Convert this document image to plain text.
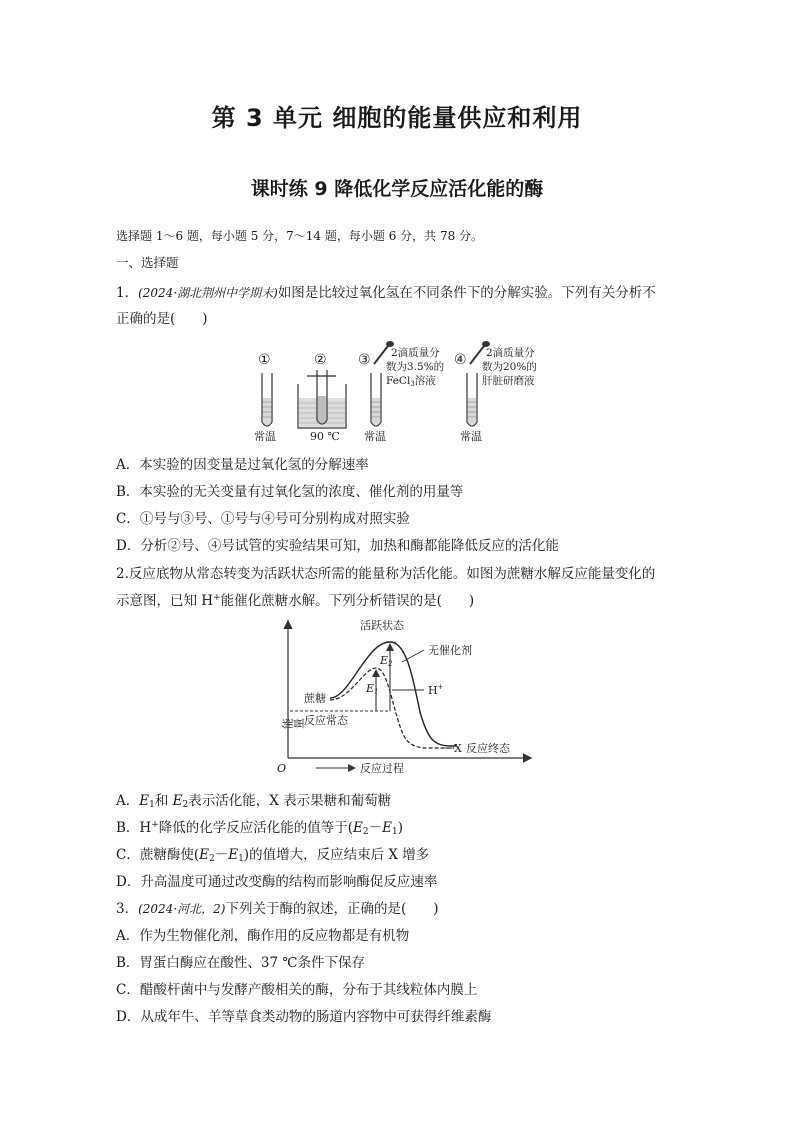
第 3 单元 细胞的能量供应和利用
课时练 9 降低化学反应活化能的酶
选择题 1～6 题，每小题 5 分，7～14 题，每小题 6 分，共 78 分。
一、选择题
1．(2024·湖北荆州中学期末)如图是比较过氧化氢在不同条件下的分解实验。下列有关分析不
正确的是(　　)
①	② ③	④
2滴质量分
数为3.5%的
FeCl3溶液
2滴质量分
数为20%的
肝脏研磨液
常温	90 ℃ 常温	常温
A．本实验的因变量是过氧化氢的分解速率
B．本实验的无关变量有过氧化氢的浓度、催化剂的用量等
C．①号与③号、①号与④号可分别构成对照实验
D．分析②号、④号试管的实验结果可知，加热和酶都能降低反应的活化能
2.反应底物从常态转变为活跃状态所需的能量称为活化能。如图为蔗糖水解反应能量变化的
示意图，已知 H+能催化蔗糖水解。下列分析错误的是(　　)
活跃状态
E2
E1
无催化剂
H+
蔗糖
反应常态
能量
O	反应过程
X 反应终态
A．$E_1$和 $E_2$表示活化能，X 表示果糖和葡萄糖
B．H+降低的化学反应活化能的值等于$(E_2-E_1)$
C．蔗糖酶使$(E_2-E_1)$的值增大，反应结束后 X 增多
D．升高温度可通过改变酶的结构而影响酶促反应速率
3．(2024·河北，2)下列关于酶的叙述，正确的是(　　)
A．作为生物催化剂，酶作用的反应物都是有机物
B．胃蛋白酶应在酸性、37 ℃条件下保存
C．醋酸杆菌中与发酵产酸相关的酶，分布于其线粒体内膜上
D．从成年牛、羊等草食类动物的肠道内容物中可获得纤维素酶
